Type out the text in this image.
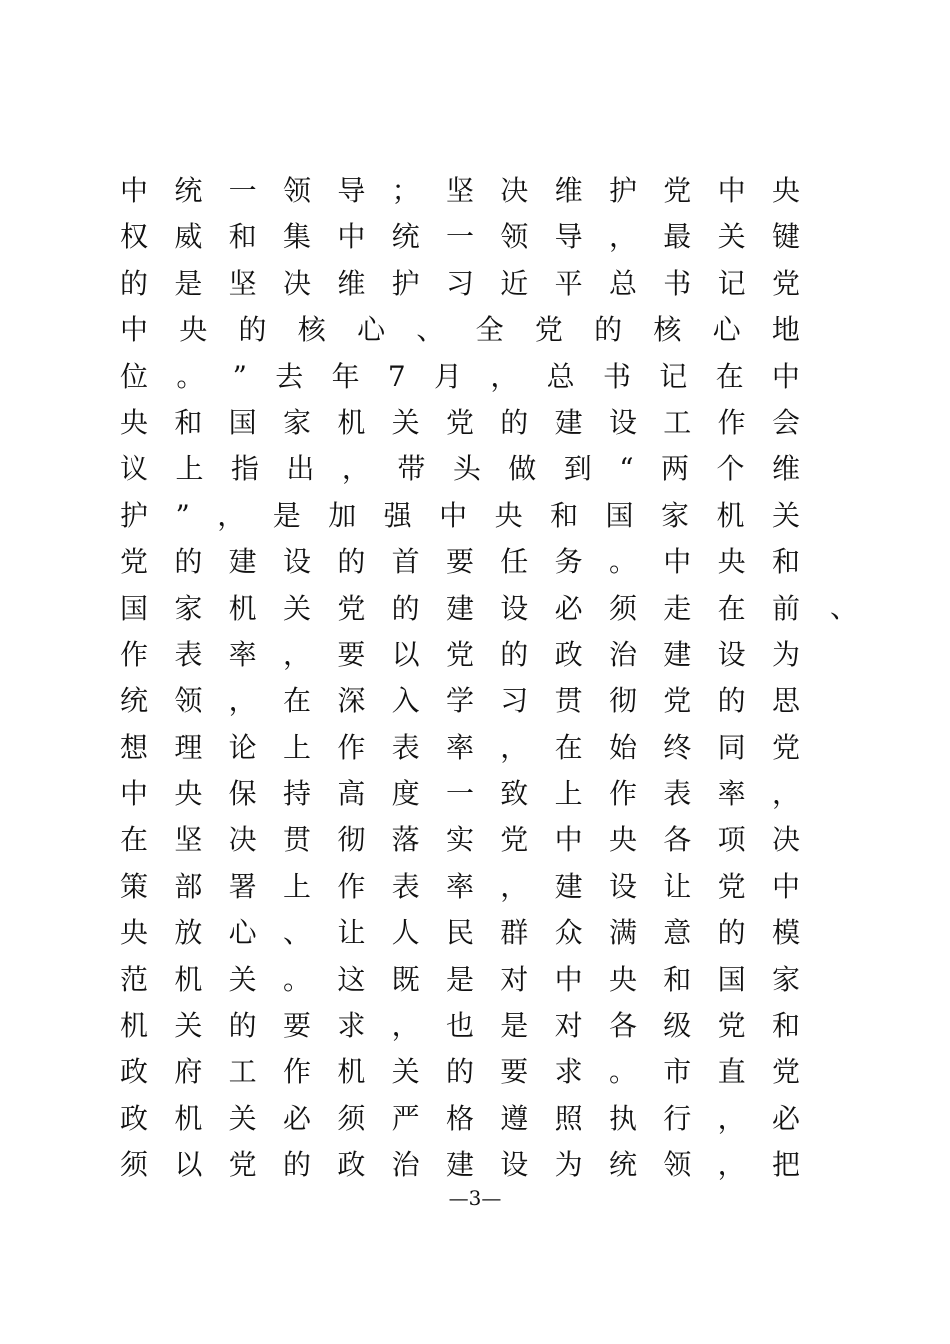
中 统 一 领 导 ； 坚 决 维 护 党 中 央
权 威 和 集 中 统 一 领 导 ， 最 关 键
的 是 坚 决 维 护 习 近 平 总 书 记 党
中 央 的 核 心 、 全 党 的 核 心 地
位 。 ” 去 年 7 月 ， 总 书 记 在 中
央 和 国 家 机 关 党 的 建 设 工 作 会
议 上 指 出 ， 带 头 做 到 “ 两 个 维
护 ” ， 是 加 强 中 央 和 国 家 机 关
党 的 建 设 的 首 要 任 务 。 中 央 和
国 家 机 关 党 的 建 设 必 须 走 在 前
作 表 率 ， 要 以 党 的 政 治 建 设 为
统 领 ， 在 深 入 学 习 贯 彻 党 的 思
想 理 论 上 作 表 率 ， 在 始 终 同 党
中 央 保 持 高 度 一 致 上 作 表 率 ，
在 坚 决 贯 彻 落 实 党 中 央 各 项 决
策 部 署 上 作 表 率 ， 建 设 让 党 中
央 放 心 、 让 人 民 群 众 满 意 的 模
范 机 关 。 这 既 是 对 中 央 和 国 家
机 关 的 要 求 ， 也 是 对 各 级 党 和
政 府 工 作 机 关 的 要 求 。 市 直 党
政 机 关 必 须 严 格 遵 照 执 行 ， 必
须 以 党 的 政 治 建 设 为 统 领 ， 把
、
—3—
